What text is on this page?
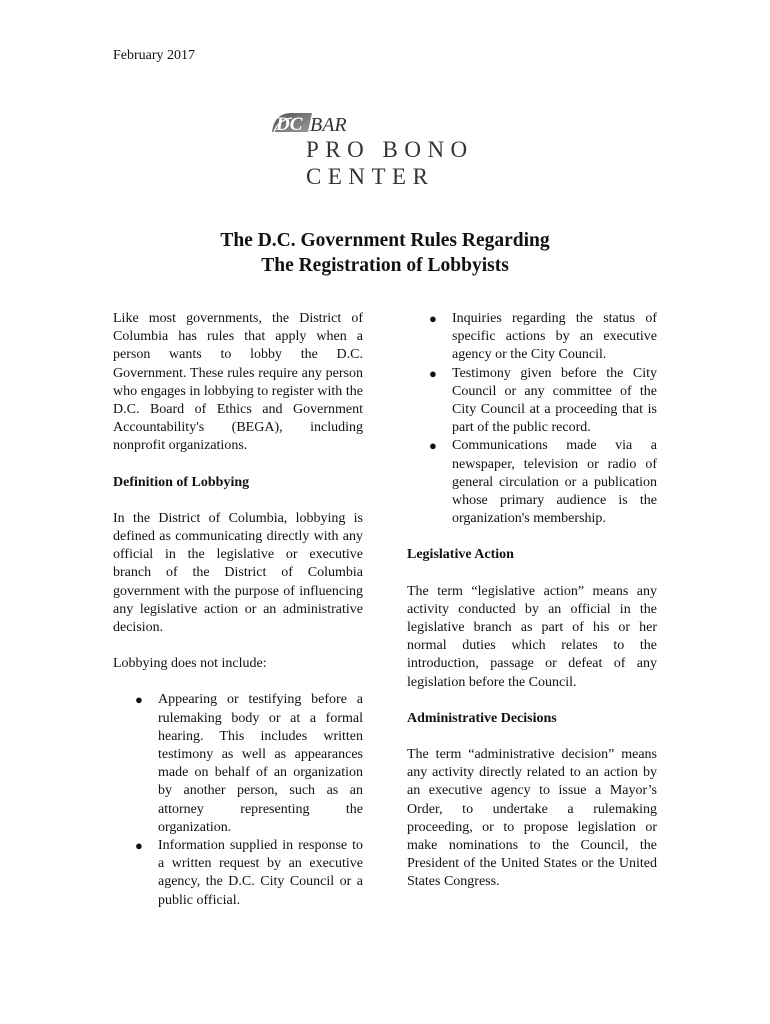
February 2017
DC BAR
PRO BONO
CENTER
The D.C. Government Rules Regarding
The Registration of Lobbyists

Like most governments, the District of Columbia has rules that apply when a person wants to lobby the D.C. Government. These rules require any person who engages in lobbying to register with the D.C. Board of Ethics and Government Accountability's (BEGA), including nonprofit organizations.

Definition of Lobbying

In the District of Columbia, lobbying is defined as communicating directly with any official in the legislative or executive branch of the District of Columbia government with the purpose of influencing any legislative action or an administrative decision.

Lobbying does not include:

● Appearing or testifying before a rulemaking body or at a formal hearing. This includes written testimony as well as appearances made on behalf of an organization by another person, such as an attorney representing the organization.
● Information supplied in response to a written request by an executive agency, the D.C. City Council or a public official.
● Inquiries regarding the status of specific actions by an executive agency or the City Council.
● Testimony given before the City Council or any committee of the City Council at a proceeding that is part of the public record.
● Communications made via a newspaper, television or radio of general circulation or a publication whose primary audience is the organization's membership.
Legislative Action

The term “legislative action” means any activity conducted by an official in the legislative branch as part of his or her normal duties which relates to the introduction, passage or defeat of any legislation before the Council.

Administrative Decisions

The term “administrative decision” means any activity directly related to an action by an executive agency to issue a Mayor’s Order, to undertake a rulemaking proceeding, or to propose legislation or make nominations to the Council, the President of the United States or the United States Congress.
